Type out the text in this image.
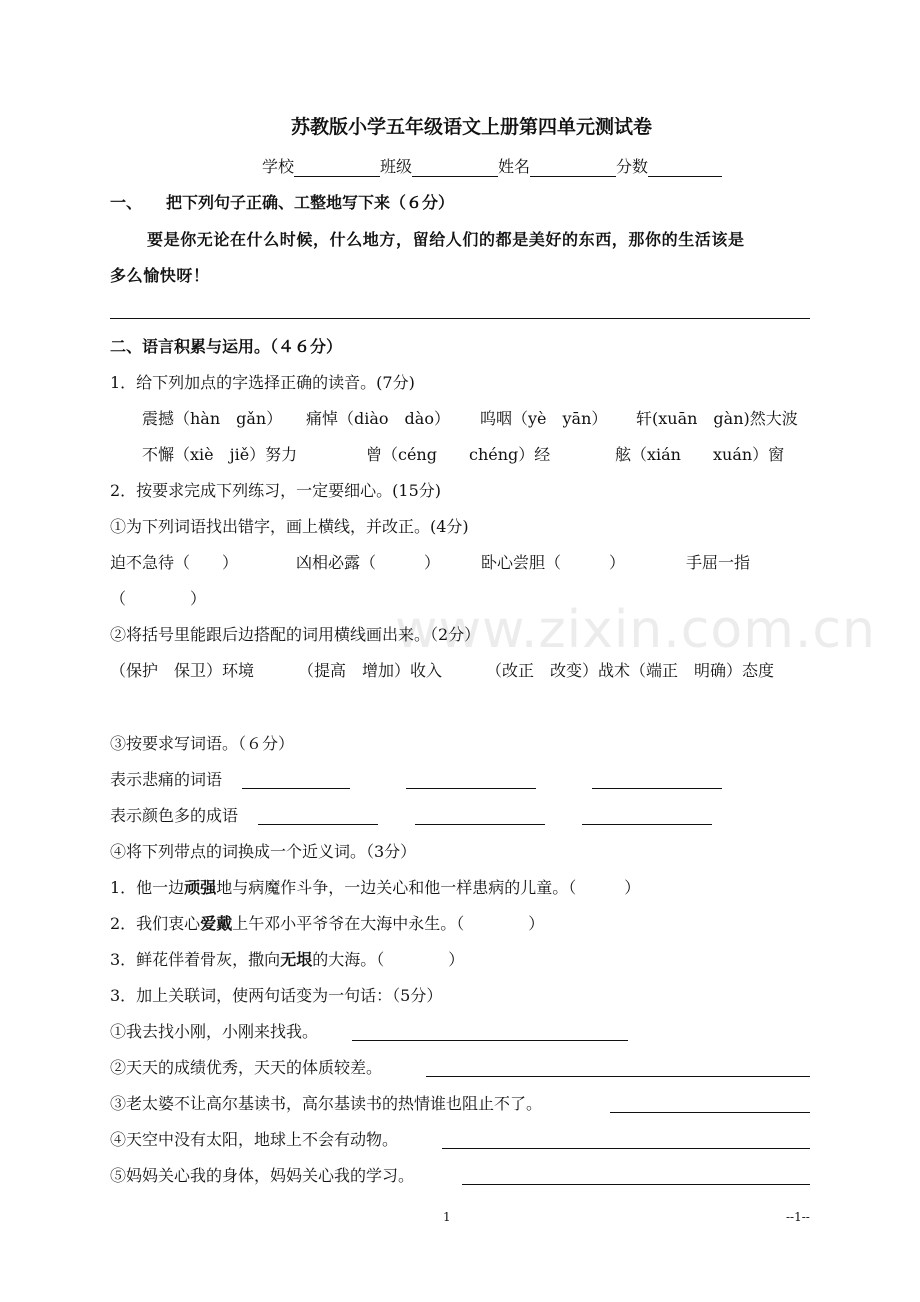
www.zixin.com.cn
苏教版小学五年级语文上册第四单元测试卷
学校	班级	姓名	分数
一、 把下列句子正确、工整地写下来（６分）
要是你无论在什么时候，什么地方，留给人们的都是美好的东西，那你的生活该是
多么愉快呀！
二、语言积累与运用。（４６分）
1．给下列加点的字选择正确的读音。(7分)
震撼（hàn　gǎn） 痛悼（diào　dào） 呜咽（yè　yān） 轩(xuān　gàn)然大波
不懈（xiè　jiě）努力	曾（céng　　chéng）经	舷（xián　　xuán）窗
2．按要求完成下列练习，一定要细心。(15分)
①为下列词语找出错字，画上横线，并改正。(4分)
迫不急待（　　）	凶相必露（　　　）	卧心尝胆（　　　）	手屈一指
（　　　　）
②将括号里能跟后边搭配的词用横线画出来。（2分）
（保护　保卫）环境	（提高　增加）收入	（改正　改变）战术（端正　明确）态度
③按要求写词语。（６分）
表示悲痛的词语
表示颜色多的成语
④将下列带点的词换成一个近义词。（3分）
1．他一边顽强地与病魔作斗争，一边关心和他一样患病的儿童。（　　　）
2．我们衷心爱戴上午邓小平爷爷在大海中永生。（　　　　）
3．鲜花伴着骨灰，撒向无垠的大海。（　　　　）
3．加上关联词，使两句话变为一句话：（5分）
①我去找小刚，小刚来找我。
②天天的成绩优秀，天天的体质较差。
③老太婆不让高尔基读书，高尔基读书的热情谁也阻止不了。
④天空中没有太阳，地球上不会有动物。
⑤妈妈关心我的身体，妈妈关心我的学习。
1	--1--
